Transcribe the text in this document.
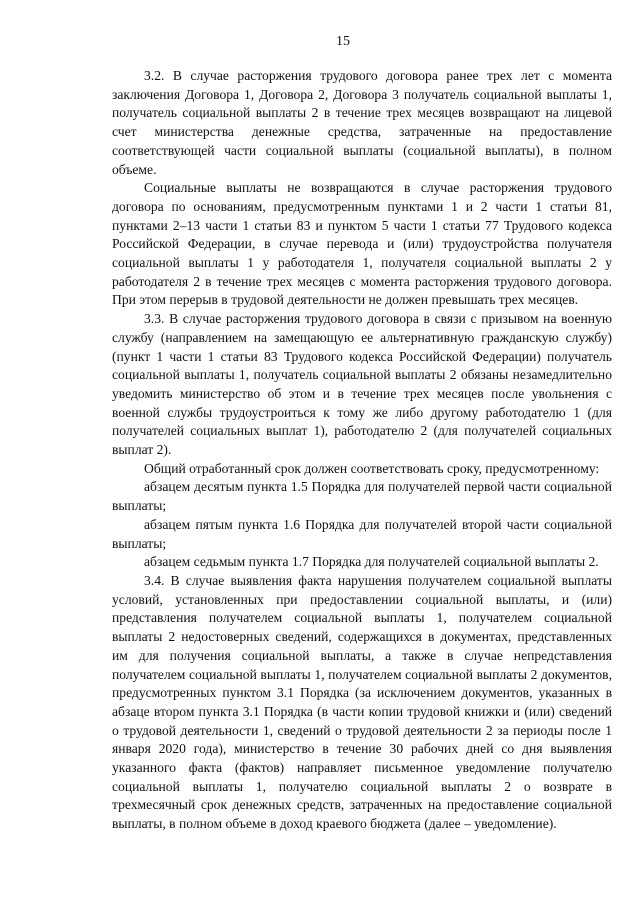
15

3.2. В случае расторжения трудового договора ранее трех лет с момента заключения Договора 1, Договора 2, Договора 3 получатель социальной выплаты 1, получатель социальной выплаты 2 в течение трех месяцев возвращают на лицевой счет министерства денежные средства, затраченные на предоставление соответствующей части социальной выплаты (социальной выплаты), в полном объеме.

Социальные выплаты не возвращаются в случае расторжения трудового договора по основаниям, предусмотренным пунктами 1 и 2 части 1 статьи 81, пунктами 2–13 части 1 статьи 83 и пунктом 5 части 1 статьи 77 Трудового кодекса Российской Федерации, в случае перевода и (или) трудоустройства получателя социальной выплаты 1 у работодателя 1, получателя социальной выплаты 2 у работодателя 2 в течение трех месяцев с момента расторжения трудового договора. При этом перерыв в трудовой деятельности не должен превышать трех месяцев.

3.3. В случае расторжения трудового договора в связи с призывом на военную службу (направлением на замещающую ее альтернативную гражданскую службу) (пункт 1 части 1 статьи 83 Трудового кодекса Российской Федерации) получатель социальной выплаты 1, получатель социальной выплаты 2 обязаны незамедлительно уведомить министерство об этом и в течение трех месяцев после увольнения с военной службы трудоустроиться к тому же либо другому работодателю 1 (для получателей социальных выплат 1), работодателю 2 (для получателей социальных выплат 2).

Общий отработанный срок должен соответствовать сроку, предусмотренному:

абзацем десятым пункта 1.5 Порядка для получателей первой части социальной выплаты;

абзацем пятым пункта 1.6 Порядка для получателей второй части социальной выплаты;

абзацем седьмым пункта 1.7 Порядка для получателей социальной выплаты 2.

3.4. В случае выявления факта нарушения получателем социальной выплаты условий, установленных при предоставлении социальной выплаты, и (или) представления получателем социальной выплаты 1, получателем социальной выплаты 2 недостоверных сведений, содержащихся в документах, представленных им для получения социальной выплаты, а также в случае непредставления получателем социальной выплаты 1, получателем социальной выплаты 2 документов, предусмотренных пунктом 3.1 Порядка (за исключением документов, указанных в абзаце втором пункта 3.1 Порядка (в части копии трудовой книжки и (или) сведений о трудовой деятельности 1, сведений о трудовой деятельности 2 за периоды после 1 января 2020 года), министерство в течение 30 рабочих дней со дня выявления указанного факта (фактов) направляет письменное уведомление получателю социальной выплаты 1, получателю социальной выплаты 2 о возврате в трехмесячный срок денежных средств, затраченных на предоставление социальной выплаты, в полном объеме в доход краевого бюджета (далее – уведомление).
